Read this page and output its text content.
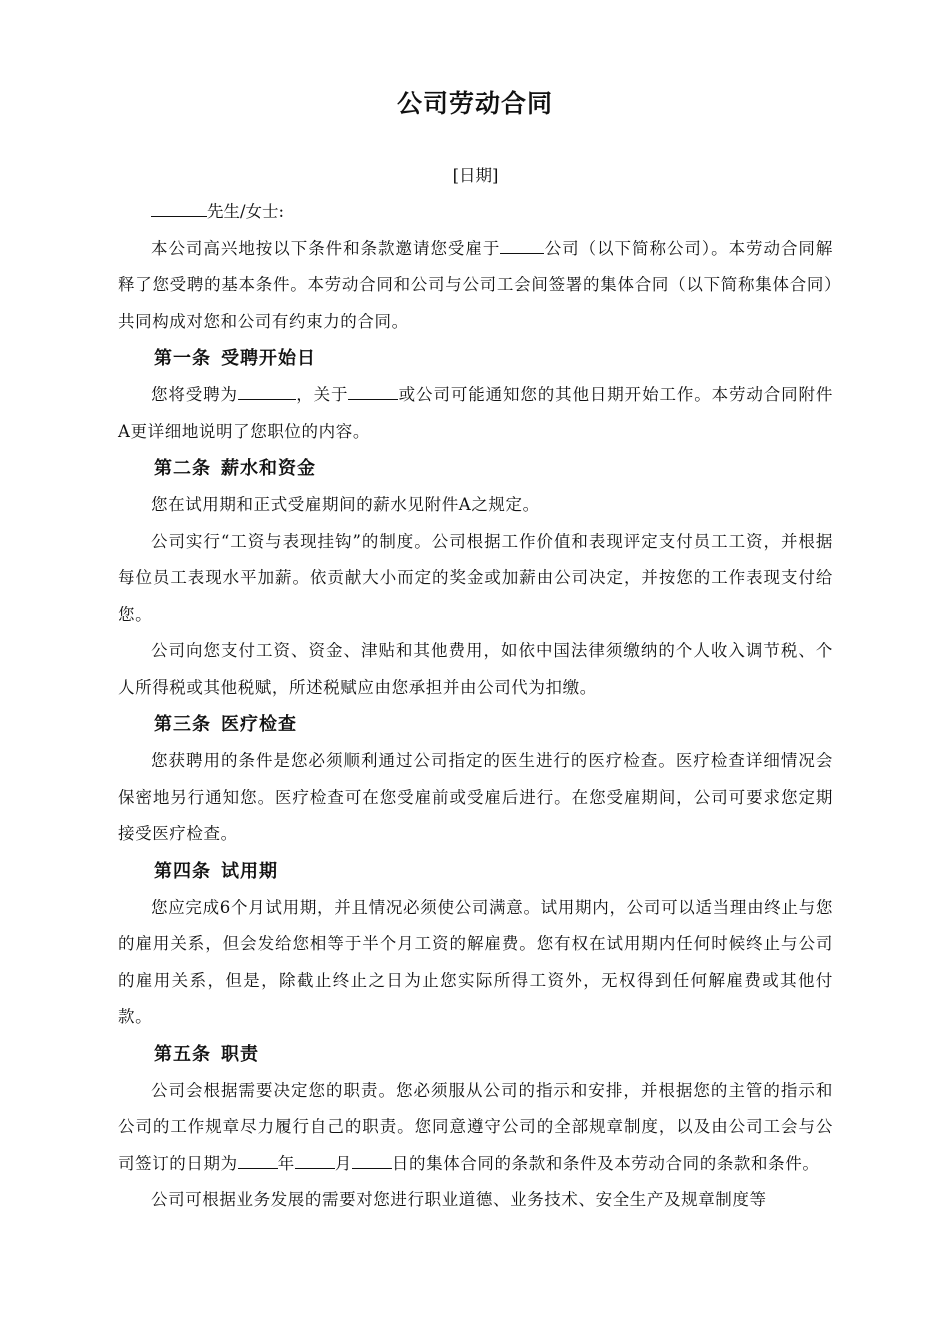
公司劳动合同

[日期]

先生/女士:

本公司高兴地按以下条件和条款邀请您受雇于	公司（以下简称公司）。本劳动合同解释了您受聘的基本条件。本劳动合同和公司与公司工会间签署的集体合同（以下简称集体合同）共同构成对您和公司有约束力的合同。

第一条 受聘开始日

您将受聘为	，关于	或公司可能通知您的其他日期开始工作。本劳动合同附件A更详细地说明了您职位的内容。

第二条 薪水和资金

您在试用期和正式受雇期间的薪水见附件A之规定。

公司实行“工资与表现挂钩”的制度。公司根据工作价值和表现评定支付员工工资，并根据每位员工表现水平加薪。依贡献大小而定的奖金或加薪由公司决定，并按您的工作表现支付给您。

公司向您支付工资、资金、津贴和其他费用，如依中国法律须缴纳的个人收入调节税、个人所得税或其他税赋，所述税赋应由您承担并由公司代为扣缴。

第三条 医疗检查

您获聘用的条件是您必须顺利通过公司指定的医生进行的医疗检查。医疗检查详细情况会保密地另行通知您。医疗检查可在您受雇前或受雇后进行。在您受雇期间，公司可要求您定期接受医疗检查。

第四条 试用期

您应完成6个月试用期，并且情况必须使公司满意。试用期内，公司可以适当理由终止与您的雇用关系，但会发给您相等于半个月工资的解雇费。您有权在试用期内任何时候终止与公司的雇用关系，但是，除截止终止之日为止您实际所得工资外，无权得到任何解雇费或其他付款。

第五条 职责

公司会根据需要决定您的职责。您必须服从公司的指示和安排，并根据您的主管的指示和公司的工作规章尽力履行自己的职责。您同意遵守公司的全部规章制度，以及由公司工会与公司签订的日期为 年 月 日的集体合同的条款和条件及本劳动合同的条款和条件。

公司可根据业务发展的需要对您进行职业道德、业务技术、安全生产及规章制度等
